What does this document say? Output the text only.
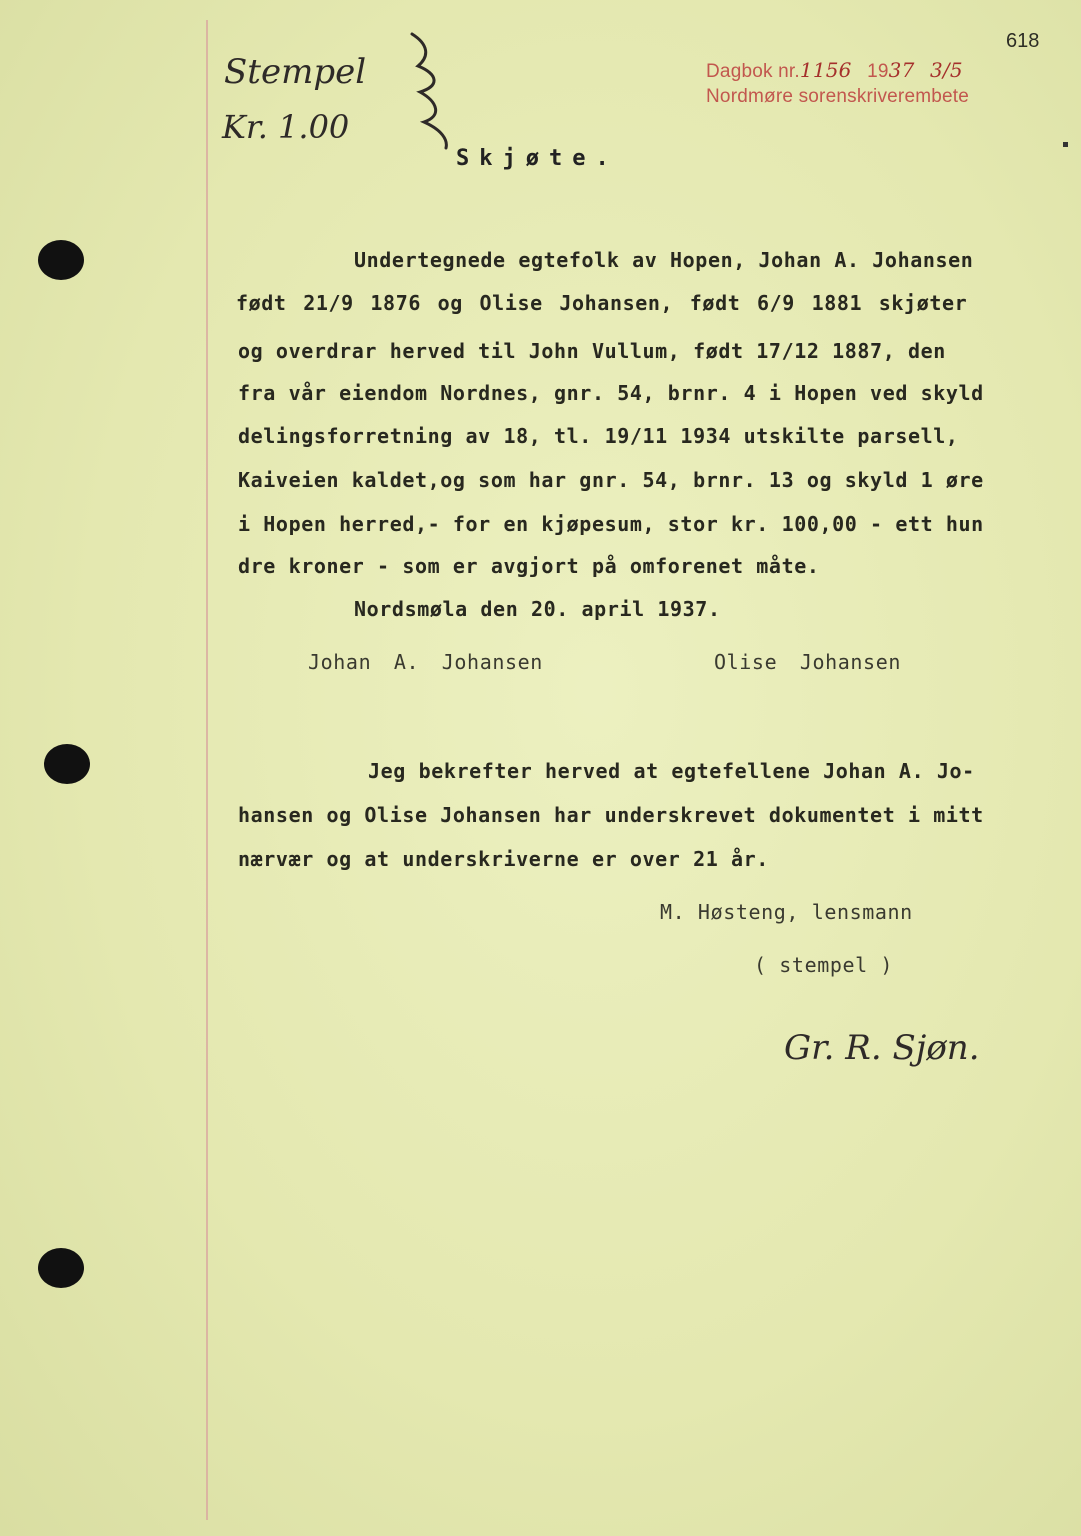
Dagbok nr.1156 1937 3/5
Nordmøre sorenskriverembete
618
Stempel
Kr. 1.00
Skjøte.
Undertegnede egtefolk av Hopen, Johan A. Johansen
født 21/9 1876 og Olise Johansen, født 6/9 1881 skjøter
og overdrar herved til John Vullum, født 17/12 1887, den
fra vår eiendom Nordnes, gnr. 54, brnr. 4 i Hopen ved skyld
delingsforretning av 18, tl. 19/11 1934 utskilte parsell,
Kaiveien kaldet,og som har gnr. 54, brnr. 13 og skyld 1 øre
i Hopen herred,- for en kjøpesum, stor kr. 100,00 - ett hun
dre kroner - som er avgjort på omforenet måte.
Nordsmøla den 20. april 1937.
Johan A. Johansen	Olise Johansen
Jeg bekrefter herved at egtefellene Johan A. Jo-
hansen og Olise Johansen har underskrevet dokumentet i mitt
nærvær og at underskriverne er over 21 år.
M. Høsteng, lensmann
( stempel )
Gr. R. Sjøn.
